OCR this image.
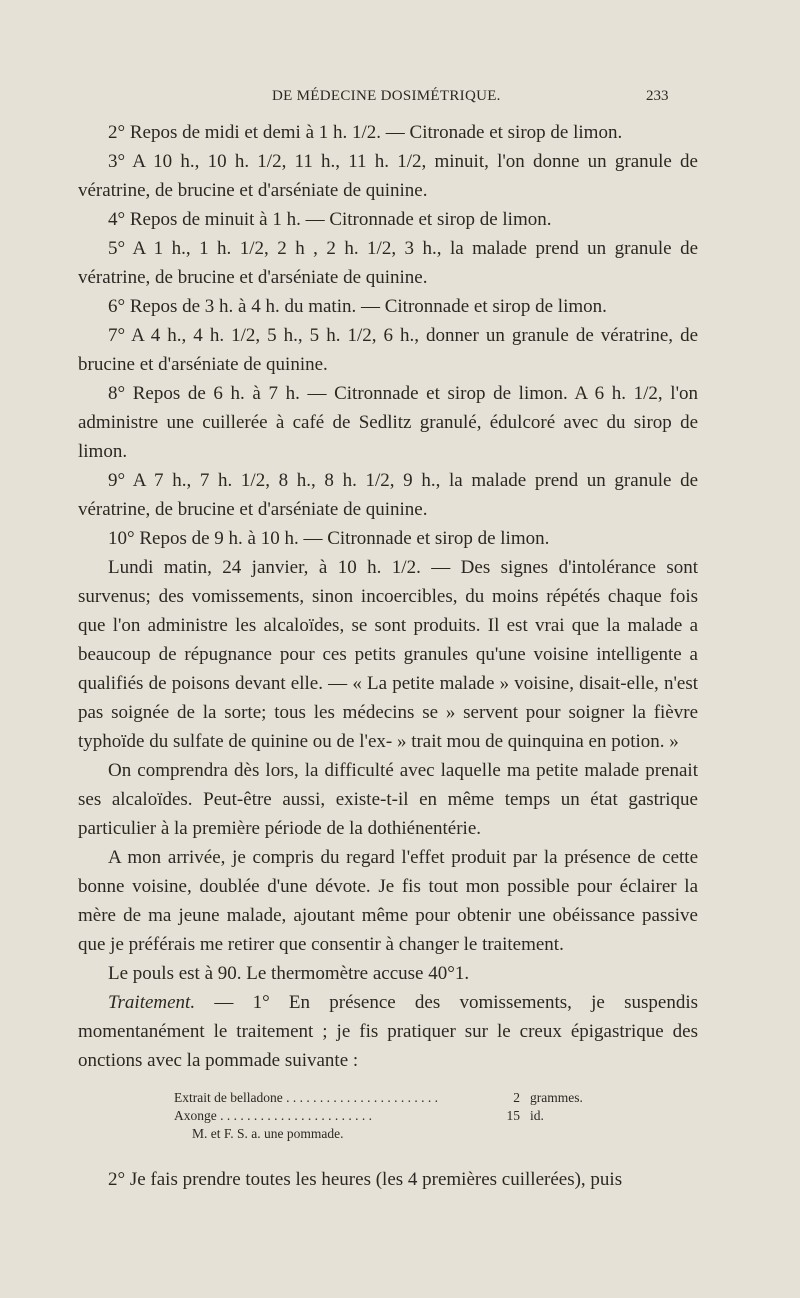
DE MÉDECINE DOSIMÉTRIQUE.	233

2° Repos de midi et demi à 1 h. 1/2. — Citronade et sirop de limon.

3° A 10 h., 10 h. 1/2, 11 h., 11 h. 1/2, minuit, l'on donne un granule de vératrine, de brucine et d'arséniate de quinine.

4° Repos de minuit à 1 h. — Citronnade et sirop de limon.

5° A 1 h., 1 h. 1/2, 2 h , 2 h. 1/2, 3 h., la malade prend un granule de vératrine, de brucine et d'arséniate de quinine.

6° Repos de 3 h. à 4 h. du matin. — Citronnade et sirop de limon.

7° A 4 h., 4 h. 1/2, 5 h., 5 h. 1/2, 6 h., donner un granule de vératrine, de brucine et d'arséniate de quinine.

8° Repos de 6 h. à 7 h. — Citronnade et sirop de limon. A 6 h. 1/2, l'on administre une cuillerée à café de Sedlitz granulé, édulcoré avec du sirop de limon.

9° A 7 h., 7 h. 1/2, 8 h., 8 h. 1/2, 9 h., la malade prend un granule de vératrine, de brucine et d'arséniate de quinine.

10° Repos de 9 h. à 10 h. — Citronnade et sirop de limon.

Lundi matin, 24 janvier, à 10 h. 1/2. — Des signes d'intolérance sont survenus; des vomissements, sinon incoercibles, du moins répétés chaque fois que l'on administre les alcaloïdes, se sont produits. Il est vrai que la malade a beaucoup de répugnance pour ces petits granules qu'une voisine intelligente a qualifiés de poisons devant elle. — « La petite malade » voisine, disait-elle, n'est pas soignée de la sorte; tous les médecins se » servent pour soigner la fièvre typhoïde du sulfate de quinine ou de l'ex- » trait mou de quinquina en potion. »

On comprendra dès lors, la difficulté avec laquelle ma petite malade prenait ses alcaloïdes. Peut-être aussi, existe-t-il en même temps un état gastrique particulier à la première période de la dothiénentérie.

A mon arrivée, je compris du regard l'effet produit par la présence de cette bonne voisine, doublée d'une dévote. Je fis tout mon possible pour éclairer la mère de ma jeune malade, ajoutant même pour obtenir une obéissance passive que je préférais me retirer que consentir à changer le traitement.

Le pouls est à 90. Le thermomètre accuse 40°1.

Traitement. — 1° En présence des vomissements, je suspendis momentanément le traitement ; je fis pratiquer sur le creux épigastrique des onctions avec la pommade suivante :

Extrait de belladone . . .	2 grammes.
Axonge . . .	15 id.
M. et F. S. a. une pommade.

2° Je fais prendre toutes les heures (les 4 premières cuillerées), puis
